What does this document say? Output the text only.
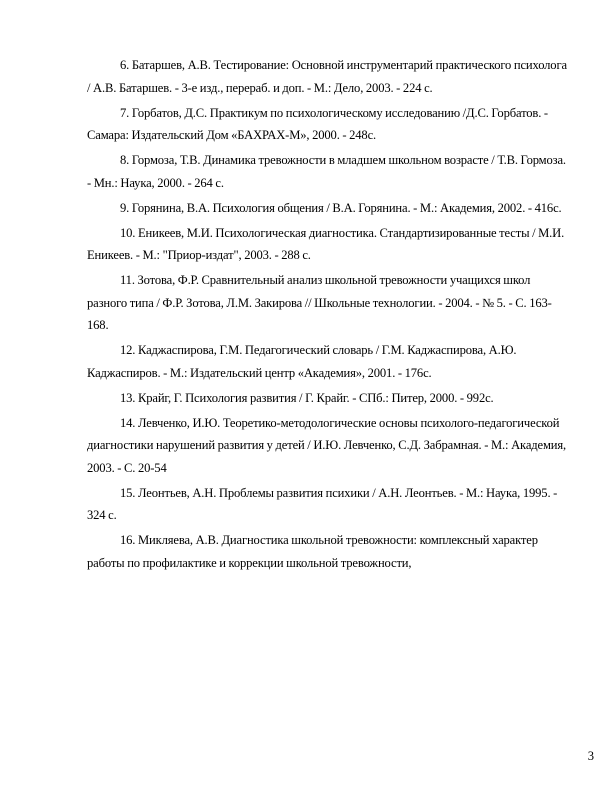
6. Батаршев, А.В. Тестирование: Основной инструментарий практического психолога / А.В. Батаршев. - 3-е изд., перераб. и доп. - М.: Дело, 2003. - 224 с.

7. Горбатов, Д.С. Практикум по психологическому исследованию /Д.С. Горбатов. - Самара: Издательский Дом «БАХРАХ-М», 2000. - 248с.

8. Гормоза, Т.В. Динамика тревожности в младшем школьном возрасте / Т.В. Гормоза. - Мн.: Наука, 2000. - 264 с.

9. Горянина, В.А. Психология общения / В.А. Горянина. - М.: Академия, 2002. - 416с.

10. Еникеев, М.И. Психологическая диагностика. Стандартизированные тесты / М.И. Еникеев. - М.: "Приор-издат", 2003. - 288 с.

11. Зотова, Ф.Р. Сравнительный анализ школьной тревожности учащихся школ разного типа / Ф.Р. Зотова, Л.М. Закирова // Школьные технологии. - 2004. - № 5. - С. 163-168.

12. Каджаспирова, Г.М. Педагогический словарь / Г.М. Каджаспирова, А.Ю. Каджаспиров. - М.: Издательский центр «Академия», 2001. - 176с.

13. Крайг, Г. Психология развития / Г. Крайг. - СПб.: Питер, 2000. - 992с.

14. Левченко, И.Ю. Теоретико-методологические основы психолого-педагогической диагностики нарушений развития у детей / И.Ю. Левченко, С.Д. Забрамная. - М.: Академия, 2003. - С. 20-54

15. Леонтьев, А.Н. Проблемы развития психики / А.Н. Леонтьев. - М.: Наука, 1995. - 324 с.

16. Микляева, А.В. Диагностика школьной тревожности: комплексный характер работы по профилактике и коррекции школьной тревожности,

3
